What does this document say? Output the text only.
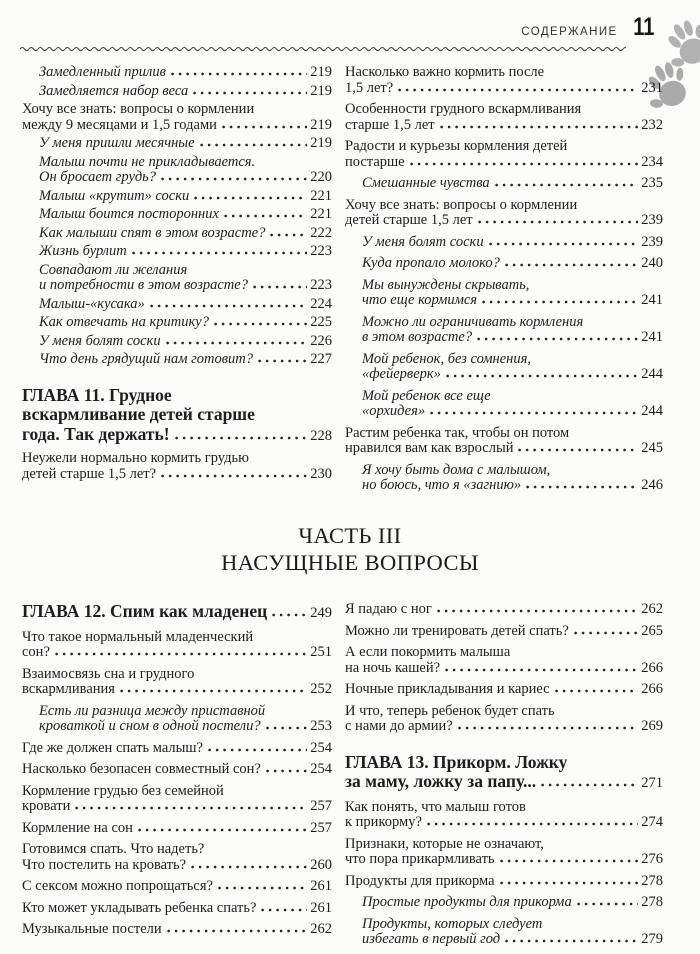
СОДЕРЖАНИЕ 11
Замедленный прилив	219
Замедляется набор веса	219
Хочу все знать: вопросы о кормлении
между 9 месяцами и 1,5 годами	219
У меня пришли месячные	219
Малыш почти не прикладывается.
Он бросает грудь?	220
Малыш «крутит» соски	221
Малыш боится посторонних	221
Как малыши спят в этом возрасте?	222
Жизнь бурлит	223
Совпадают ли желания
и потребности в этом возрасте?	223
Малыш-«кусака»	224
Как отвечать на критику?	225
У меня болят соски	226
Что день грядущий нам готовит?	227
ГЛАВА 11. Грудное
вскармливание детей старше
года. Так держать!	228
Неужели нормально кормить грудью
детей старше 1,5 лет?	230
Насколько важно кормить после
1,5 лет?	231
Особенности грудного вскармливания
старше 1,5 лет	232
Радости и курьезы кормления детей
постарше	234
Смешанные чувства	235
Хочу все знать: вопросы о кормлении
детей старше 1,5 лет	239
У меня болят соски	239
Куда пропало молоко?	240
Мы вынуждены скрывать,
что еще кормимся	241
Можно ли ограничивать кормления
в этом возрасте?	241
Мой ребенок, без сомнения,
«фейерверк»	244
Мой ребенок все еще
«орхидея»	244
Растим ребенка так, чтобы он потом
нравился вам как взрослый	245
Я хочу быть дома с малышом,
но боюсь, что я «загнию»	246
ЧАСТЬ III
НАСУЩНЫЕ ВОПРОСЫ
ГЛАВА 12. Спим как младенец	249
Что такое нормальный младенческий
сон?	251
Взаимосвязь сна и грудного
вскармливания	252
Есть ли разница между приставной
кроваткой и сном в одной постели?	253
Где же должен спать малыш?	254
Насколько безопасен совместный сон?	254
Кормление грудью без семейной
кровати	257
Кормление на сон	257
Готовимся спать. Что надеть?
Что постелить на кровать?	260
С сексом можно попрощаться?	261
Кто может укладывать ребенка спать?	261
Музыкальные постели	262
Я падаю с ног	262
Можно ли тренировать детей спать?	265
А если покормить малыша
на ночь кашей?	266
Ночные прикладывания и кариес	266
И что, теперь ребенок будет спать
с нами до армии?	269
ГЛАВА 13. Прикорм. Ложку
за маму, ложку за папу...	271
Как понять, что малыш готов
к прикорму?	274
Признаки, которые не означают,
что пора прикармливать	276
Продукты для прикорма	278
Простые продукты для прикорма	278
Продукты, которых следует
избегать в первый год	279
